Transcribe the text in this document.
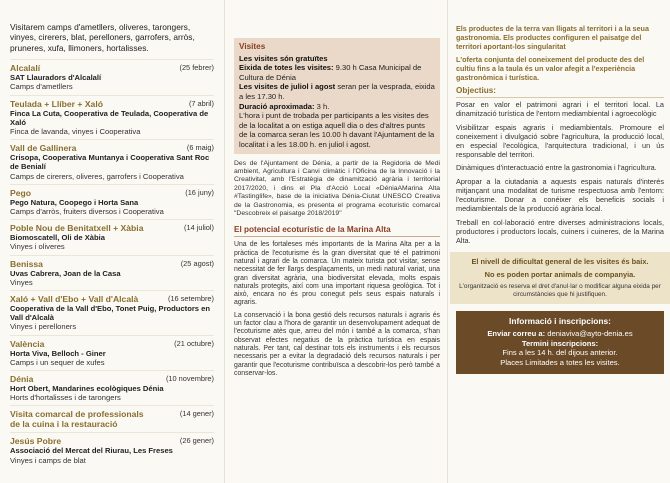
Visitarem camps d'ametllers, oliveres, tarongers, vinyes, cirerers, blat, perelloners, garrofers, arròs, pruneres, xufa, llimoners, hortalisses.

Alcalalí	(25 febrer)
SAT Llauradors d'Alcalalí
Camps d'ametllers
Teulada + Llíber + Xaló	(7 abril)
Finca La Cuta, Cooperativa de Teulada, Cooperativa de Xaló
Finca de lavanda, vinyes i Cooperativa
Vall de Gallinera	(6 maig)
Crisopa, Cooperativa Muntanya i Cooperativa Sant Roc de Benialí
Camps de cirerers, oliveres, garrofers i Cooperativa
Pego	(16 juny)
Pego Natura, Coopego i Horta Sana
Camps d'arròs, fruiters diversos i Cooperativa
Poble Nou de Benitatxell + Xàbia	(14 juliol)
Biomoscatell, Oli de Xàbia
Vinyes i oliveres
Benissa	(25 agost)
Uvas Cabrera, Joan de la Casa
Vinyes
Xaló + Vall d'Ebo + Vall d'Alcalà	(16 setembre)
Cooperativa de la Vall d'Ebo, Tonet Puig, Productors en Vall d'Alcalà
Vinyes i perelloners
València	(21 octubre)
Horta Viva, Belloch - Giner
Camps i un sequer de xufes
Dénia	(10 novembre)
Hort Obert, Mandarines ecològiques Dénia
Horts d'hortalisses i de tarongers
Visita comarcal de professionals de la cuina i la restauració
(14 gener)
Jesús Pobre	(26 gener)
Associació del Mercat del Riurau, Les Freses
Vinyes i camps de blat
Visites
Les visites són gratuïtes
Eixida de totes les visites: 9.30 h Casa Municipal de Cultura de Dénia
Les visites de juliol i agost seran per la vesprada, eixida a les 17.30 h.
Duració aproximada: 3 h.
L'hora i punt de trobada per participants a les visites des de la localitat a on estiga aquell dia o des d'altres punts de la comarca seran les 10.00 h davant l'Ajuntament de la localitat i a les 18.00 h. en juliol i agost.

Des de l'Ajuntament de Dénia, a partir de la Regidoria de Medi ambient, Agricultura i Canvi climàtic i l'Oficina de la Innovació i la Creativitat, amb l'Estratègia de dinamització agrària i territorial 2017/2020, i dins el Pla d'Acció Local «DéniaAMarina Alta #Tastinglife», base de la iniciativa Dénia-Ciutat UNESCO Creativa de la Gastronomia, es presenta el programa ecoturistic comarcal "Descobreix el paisatge 2018/2019"

El potencial ecoturístic de la Marina Alta

Una de les fortaleses més importants de la Marina Alta per a la pràctica de l'ecoturisme és la gran diversitat que té el patrimoni natural i agrari de la comarca. Un mateix turista pot visitar, sense necessitat de fer llargs desplaçaments, un medi natural variat, una gran diversitat agrària, una biodiversitat elevada, molts espais naturals protegits, així com una important riquesa geològica. Tot i això, encara no és prou conegut pels seus espais naturals i agraris.

La conservació i la bona gestió dels recursos naturals i agraris és un factor clau a l'hora de garantir un desenvolupament adequat de l'ecoturisme atès que, arreu del món i també a la comarca, s'han observat efectes negatius de la pràctica turística en espais naturals. Per tant, cal destinar tots els instruments i els recursos necessaris per a evitar la degradació dels recursos naturals i per garantir que l'ecoturisme contribuïsca a descobrir-los però també a conservar-los.

Els productes de la terra van lligats al territori i a la seua gastronomia. Els productes configuren el paisatge del territori aportant-los singularitat

L'oferta conjunta del coneixement del producte des del cultiu fins a la taula és un valor afegit a l'experiència gastronòmica i turística.

Objectius:

Posar en valor el patrimoni agrari i el territori local. La dinamització turística de l'entorn mediambiental i agroecològic

Visibilitzar espais agraris i mediambientals. Promoure el coneixement i divulgació sobre l'agricultura, la producció local, en especial l'ecològica, l'arquitectura tradicional, i un ús responsable del territori.

Dinàmiques d'interactuació entre la gastronomia i l'agricultura.

Apropar a la ciutadania a aquests espais naturals d'interés mitjançant una modalitat de turisme respectuosa amb l'entorn: l'ecoturisme. Donar a conéixer els beneficis socials i mediambientals de la producció agrària local.

Treball en col·laboració entre diverses administracions locals, productores i productors locals, cuiners i cuineres, de la Marina Alta.

El nivell de dificultat general de les visites és baix.
No es poden portar animals de companyia.
L'organització es reserva el dret d'anul·lar o modificar alguna eixida per circumstàncies que hi justifiquen.
Informació i inscripcions:
Enviar correu a: deniaviva@ayto-denia.es
Termini inscripcions:
Fins a les 14 h. del dijous anterior.
Places Limitades a totes les visites.
